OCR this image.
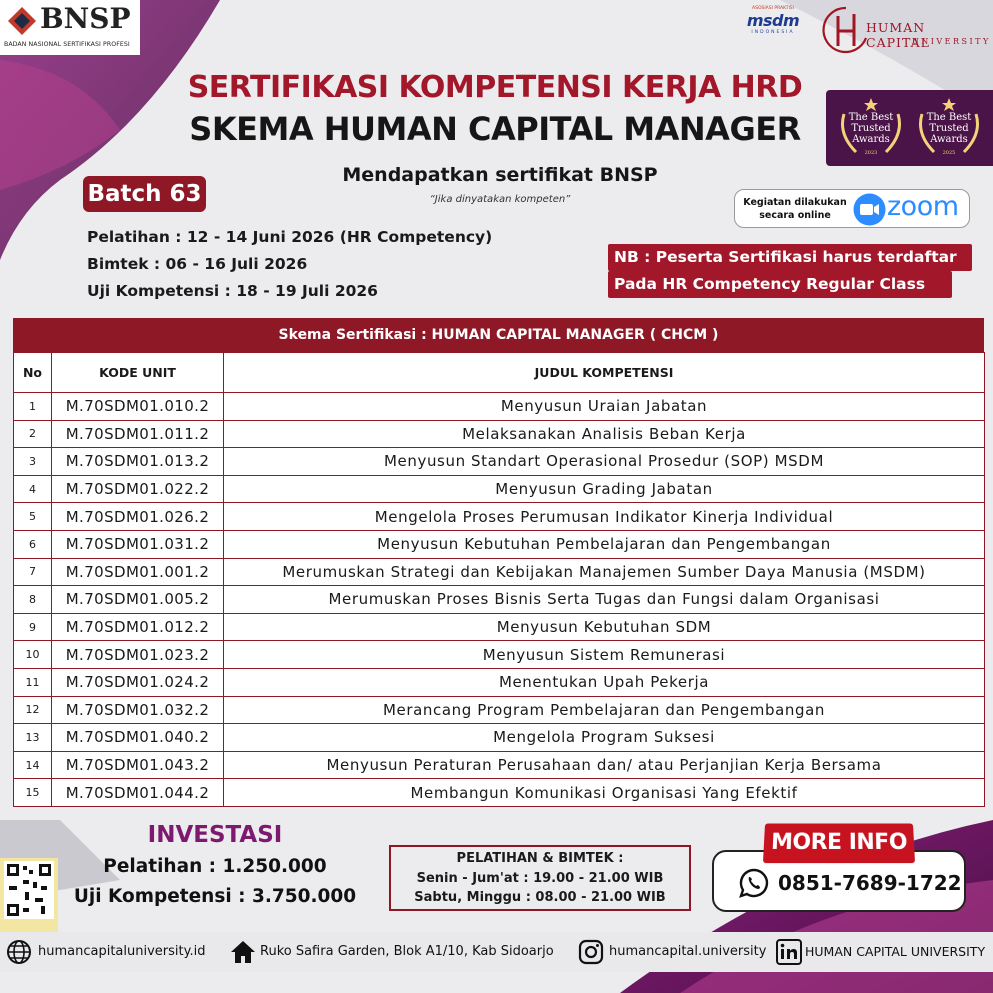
BNSP
BADAN NASIONAL SERTIFIKASI PROFESI
ASOSIASI PRAKTISI
msdm
INDONESIA	HUMAN CAPITAL
UNIVERSITY
SERTIFIKASI KOMPETENSI KERJA HRD
SKEMA HUMAN CAPITAL MANAGER	The Best Trusted Awards
2023
The Best Trusted Awards
2025
Batch 63
Mendapatkan sertifikat BNSP
“Jika dinyatakan kompeten”
Pelatihan : 12 - 14 Juni 2026 (HR Competency)
Bimtek : 06 - 16 Juli 2026
Uji Kompetensi : 18 - 19 Juli 2026
Kegiatan dilakukan secara online	zoom
NB : Peserta Sertifikasi harus terdaftar
Pada HR Competency Regular Class
Skema Sertifikasi : HUMAN CAPITAL MANAGER ( CHCM )
No	KODE UNIT	JUDUL KOMPETENSI
1	M.70SDM01.010.2	Menyusun Uraian Jabatan
2	M.70SDM01.011.2	Melaksanakan Analisis Beban Kerja
3	M.70SDM01.013.2	Menyusun Standart Operasional Prosedur (SOP) MSDM
4	M.70SDM01.022.2	Menyusun Grading Jabatan
5	M.70SDM01.026.2	Mengelola Proses Perumusan Indikator Kinerja Individual
6	M.70SDM01.031.2	Menyusun Kebutuhan Pembelajaran dan Pengembangan
7	M.70SDM01.001.2	Merumuskan Strategi dan Kebijakan Manajemen Sumber Daya Manusia (MSDM)
8	M.70SDM01.005.2	Merumuskan Proses Bisnis Serta Tugas dan Fungsi dalam Organisasi
9	M.70SDM01.012.2	Menyusun Kebutuhan SDM
10	M.70SDM01.023.2	Menyusun Sistem Remunerasi
11	M.70SDM01.024.2	Menentukan Upah Pekerja
12	M.70SDM01.032.2	Merancang Program Pembelajaran dan Pengembangan
13	M.70SDM01.040.2	Mengelola Program Suksesi
14	M.70SDM01.043.2	Menyusun Peraturan Perusahaan dan/ atau Perjanjian Kerja Bersama
15	M.70SDM01.044.2	Membangun Komunikasi Organisasi Yang Efektif
INVESTASI
Pelatihan : 1.250.000
Uji Kompetensi : 3.750.000
PELATIHAN & BIMTEK :
Senin - Jum'at : 19.00 - 21.00 WIB
Sabtu, Minggu : 08.00 - 21.00 WIB
MORE INFO
0851-7689-1722
humancapitaluniversity.id	Ruko Safira Garden, Blok A1/10, Kab Sidoarjo	humancapital.university	HUMAN CAPITAL UNIVERSITY
